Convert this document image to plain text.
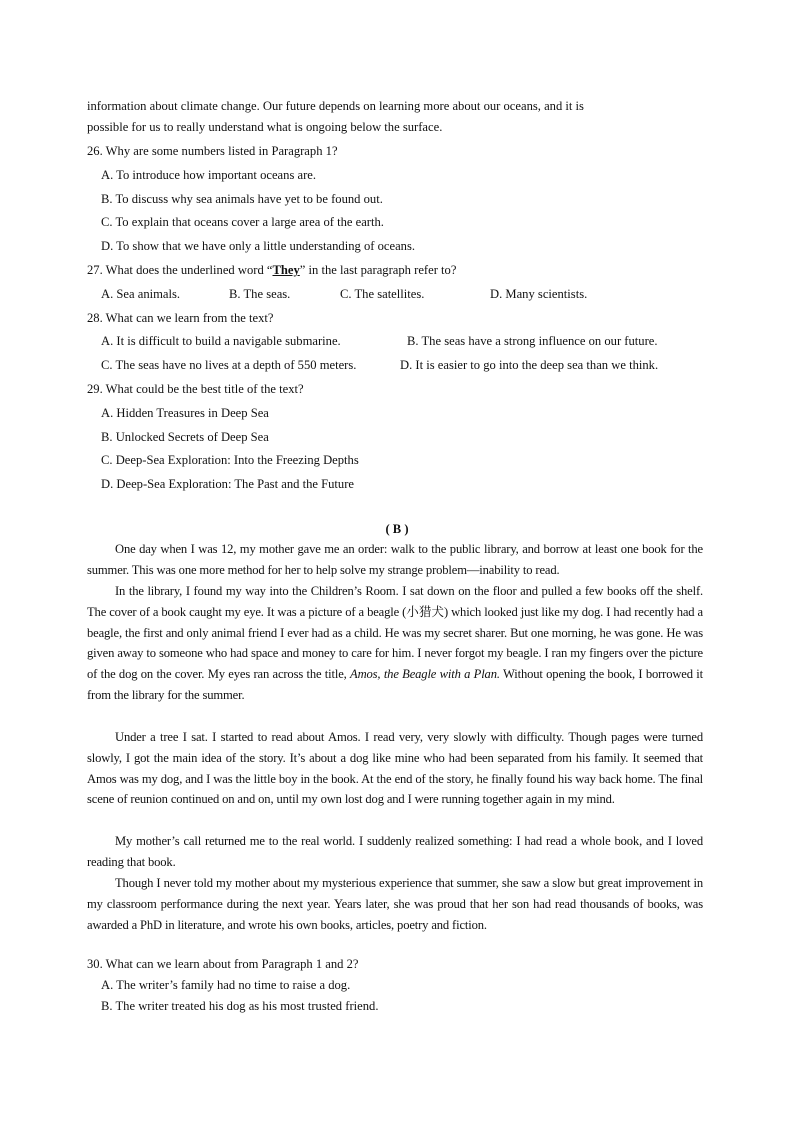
information about climate change. Our future depends on learning more about our oceans, and it is
possible for us to really understand what is ongoing below the surface.
26. Why are some numbers listed in Paragraph 1?
A. To introduce how important oceans are.
B. To discuss why sea animals have yet to be found out.
C. To explain that oceans cover a large area of the earth.
D. To show that we have only a little understanding of oceans.
27. What does the underlined word “They” in the last paragraph refer to?
A. Sea animals.	B. The seas.	C. The satellites.	D. Many scientists.
28. What can we learn from the text?
A. It is difficult to build a navigable submarine.	B. The seas have a strong influence on our future.
C. The seas have no lives at a depth of 550 meters.	D. It is easier to go into the deep sea than we think.
29. What could be the best title of the text?
A. Hidden Treasures in Deep Sea
B. Unlocked Secrets of Deep Sea
C. Deep-Sea Exploration: Into the Freezing Depths
D. Deep-Sea Exploration: The Past and the Future
( B )
One day when I was 12, my mother gave me an order: walk to the public library, and borrow at least one book for the summer. This was one more method for her to help solve my strange problem—inability to read.
In the library, I found my way into the Children’s Room. I sat down on the floor and pulled a few books off the shelf. The cover of a book caught my eye. It was a picture of a beagle (小猎犬) which looked just like my dog. I had recently had a beagle, the first and only animal friend I ever had as a child. He was my secret sharer. But one morning, he was gone. He was given away to someone who had space and money to care for him. I never forgot my beagle. I ran my fingers over the picture of the dog on the cover. My eyes ran across the title, Amos, the Beagle with a Plan. Without opening the book, I borrowed it from the library for the summer.
Under a tree I sat. I started to read about Amos. I read very, very slowly with difficulty. Though pages were turned slowly, I got the main idea of the story. It’s about a dog like mine who had been separated from his family. It seemed that Amos was my dog, and I was the little boy in the book. At the end of the story, he finally found his way back home. The final scene of reunion continued on and on, until my own lost dog and I were running together again in my mind.
My mother’s call returned me to the real world. I suddenly realized something: I had read a whole book, and I loved reading that book.
Though I never told my mother about my mysterious experience that summer, she saw a slow but great improvement in my classroom performance during the next year. Years later, she was proud that her son had read thousands of books, was awarded a PhD in literature, and wrote his own books, articles, poetry and fiction.
30. What can we learn about from Paragraph 1 and 2?
A. The writer’s family had no time to raise a dog.
B. The writer treated his dog as his most trusted friend.
